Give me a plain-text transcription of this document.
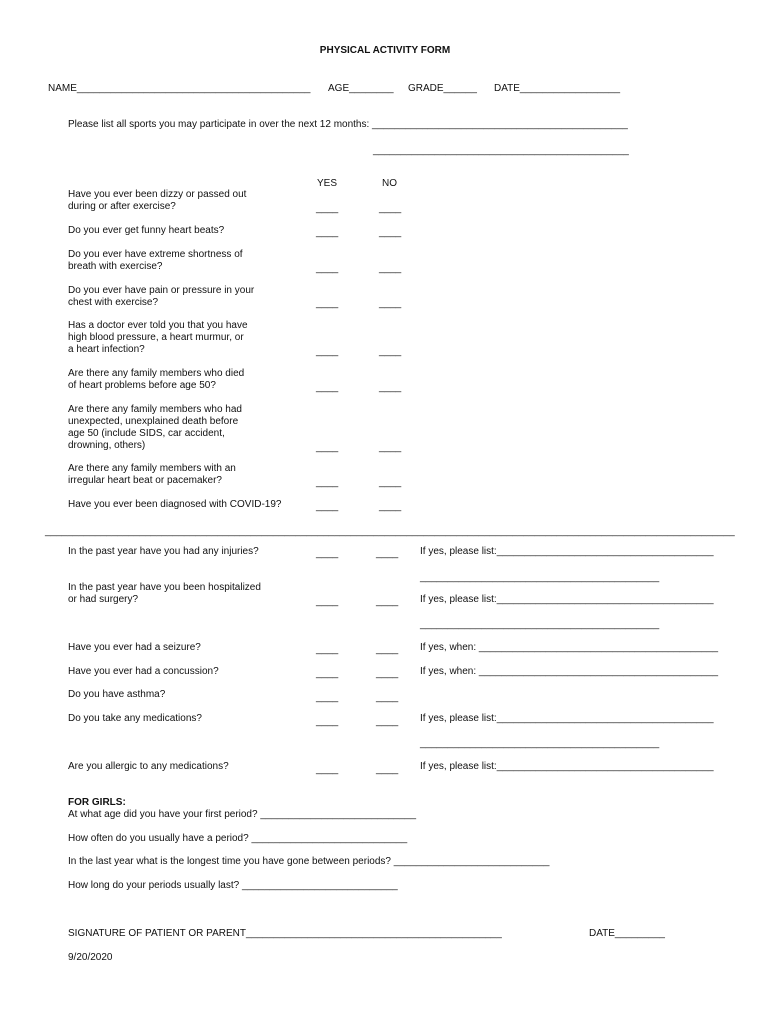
PHYSICAL ACTIVITY FORM
NAME__________________________________________ AGE________ GRADE______ DATE__________________
Please list all sports you may participate in over the next 12 months: ______________________________________________
______________________________________________
YES	NO
Have you ever been dizzy or passed out
during or after exercise?	____	____
Do you ever get funny heart beats?	____	____
Do you ever have extreme shortness of
breath with exercise?	____	____
Do you ever have pain or pressure in your
chest with exercise?	____	____
Has a doctor ever told you that you have
high blood pressure, a heart murmur, or
a heart infection?	____	____
Are there any family members who died
of heart problems before age 50?	____	____
Are there any family members who had
unexpected, unexplained death before
age 50 (include SIDS, car accident,
drowning, others)	____	____
Are there any family members with an
irregular heart beat or pacemaker?	____	____
Have you ever been diagnosed with COVID-19?	____	____
____________________________________________________________________________________________________________________________
In the past year have you had any injuries?	____	____ If yes, please list:_______________________________________
___________________________________________
In the past year have you been hospitalized
or had surgery?	____	____ If yes, please list:_______________________________________
___________________________________________
Have you ever had a seizure?	____	____ If yes, when: ___________________________________________
Have you ever had a concussion?	____	____ If yes, when: ___________________________________________
Do you have asthma?	____	____
Do you take any medications?	____	____ If yes, please list:_______________________________________
___________________________________________
Are you allergic to any medications?	____	____ If yes, please list:_______________________________________
FOR GIRLS:
At what age did you have your first period? ____________________________
How often do you usually have a period? ____________________________
In the last year what is the longest time you have gone between periods? ____________________________
How long do your periods usually last? ____________________________
SIGNATURE OF PATIENT OR PARENT______________________________________________	DATE_________
9/20/2020
